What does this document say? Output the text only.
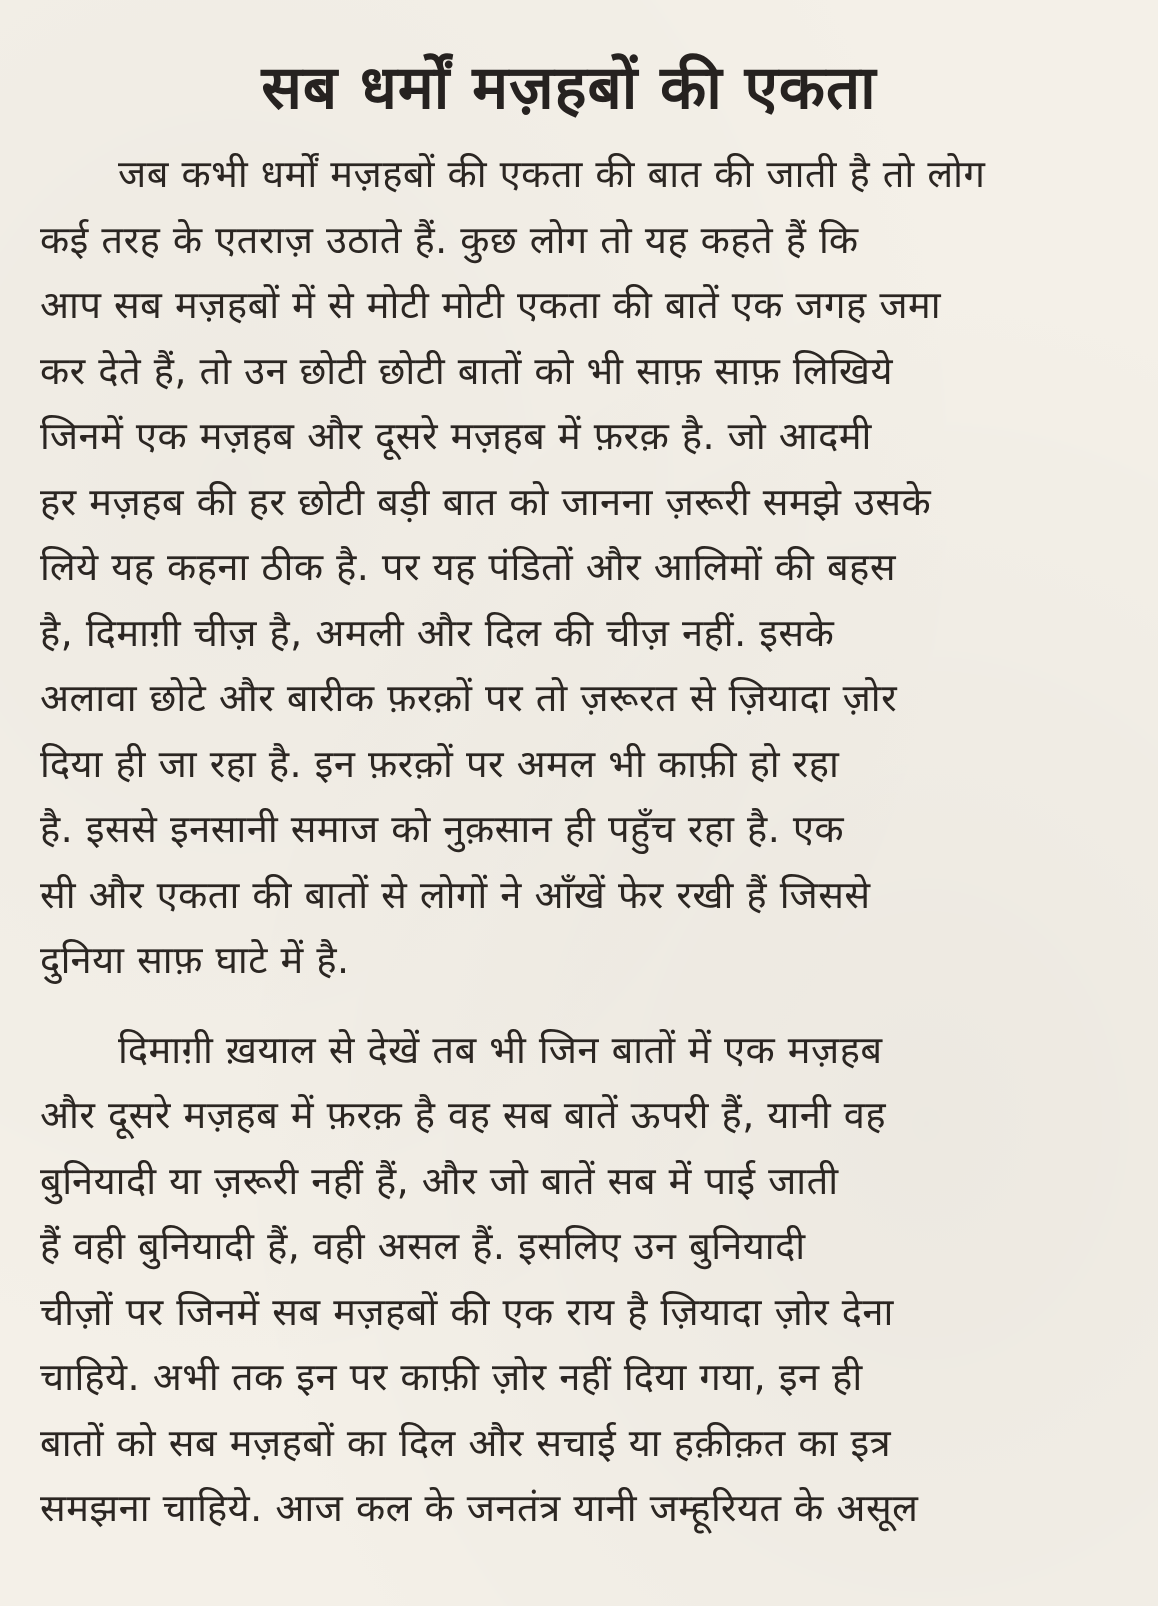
सब धर्मों मज़हबों की एकता

जब कभी धर्मों मज़हबों की एकता की बात की जाती है तो लोग
कई तरह के एतराज़ उठाते हैं. कुछ लोग तो यह कहते हैं कि
आप सब मज़हबों में से मोटी मोटी एकता की बातें एक जगह जमा
कर देते हैं, तो उन छोटी छोटी बातों को भी साफ़ साफ़ लिखिये
जिनमें एक मज़हब और दूसरे मज़हब में फ़रक़ है. जो आदमी
हर मज़हब की हर छोटी बड़ी बात को जानना ज़रूरी समझे उसके
लिये यह कहना ठीक है. पर यह पंडितों और आलिमों की बहस
है, दिमाग़ी चीज़ है, अमली और दिल की चीज़ नहीं. इसके
अलावा छोटे और बारीक फ़रक़ों पर तो ज़रूरत से ज़ियादा ज़ोर
दिया ही जा रहा है. इन फ़रक़ों पर अमल भी काफ़ी हो रहा
है. इससे इनसानी समाज को नुक़सान ही पहुँच रहा है. एक
सी और एकता की बातों से लोगों ने आँखें फेर रखी हैं जिससे
दुनिया साफ़ घाटे में है.

दिमाग़ी ख़याल से देखें तब भी जिन बातों में एक मज़हब
और दूसरे मज़हब में फ़रक़ है वह सब बातें ऊपरी हैं, यानी वह
बुनियादी या ज़रूरी नहीं हैं, और जो बातें सब में पाई जाती
हैं वही बुनियादी हैं, वही असल हैं. इसलिए उन बुनियादी
चीज़ों पर जिनमें सब मज़हबों की एक राय है ज़ियादा ज़ोर देना
चाहिये. अभी तक इन पर काफ़ी ज़ोर नहीं दिया गया, इन ही
बातों को सब मज़हबों का दिल और सचाई या हक़ीक़त का इत्र
समझना चाहिये. आज कल के जनतंत्र यानी जम्हूरियत के असूल
